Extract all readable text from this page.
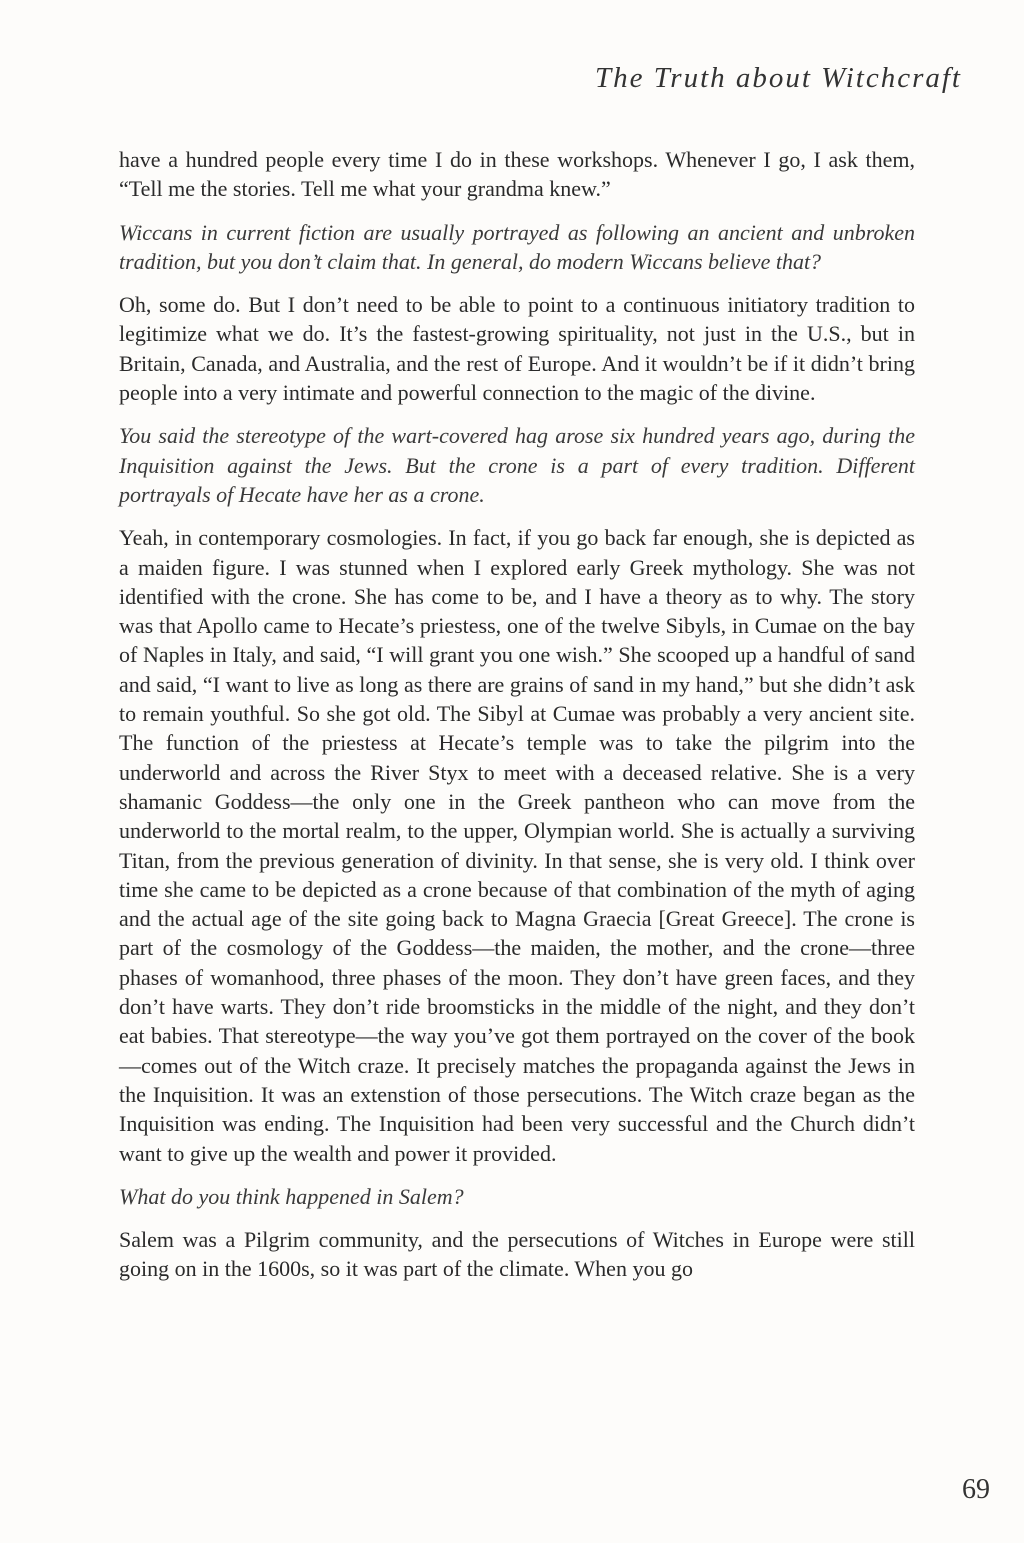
The Truth about Witchcraft

have a hundred people every time I do in these workshops. Whenever I go, I ask them, “Tell me the stories. Tell me what your grandma knew.”

Wiccans in current fiction are usually portrayed as following an ancient and unbroken tradition, but you don’t claim that. In general, do modern Wiccans believe that?

Oh, some do. But I don’t need to be able to point to a continuous initiatory tradition to legitimize what we do. It’s the fastest-growing spirituality, not just in the U.S., but in Britain, Canada, and Australia, and the rest of Europe. And it wouldn’t be if it didn’t bring people into a very intimate and powerful connection to the magic of the divine.

You said the stereotype of the wart-covered hag arose six hundred years ago, during the Inquisition against the Jews. But the crone is a part of every tradition. Different portrayals of Hecate have her as a crone.

Yeah, in contemporary cosmologies. In fact, if you go back far enough, she is depicted as a maiden figure. I was stunned when I explored early Greek mythology. She was not identified with the crone. She has come to be, and I have a theory as to why. The story was that Apollo came to Hecate’s priestess, one of the twelve Sibyls, in Cumae on the bay of Naples in Italy, and said, “I will grant you one wish.” She scooped up a handful of sand and said, “I want to live as long as there are grains of sand in my hand,” but she didn’t ask to remain youthful. So she got old. The Sibyl at Cumae was probably a very ancient site. The function of the priestess at Hecate’s temple was to take the pilgrim into the underworld and across the River Styx to meet with a deceased relative. She is a very shamanic Goddess—the only one in the Greek pantheon who can move from the underworld to the mortal realm, to the upper, Olympian world. She is actually a surviving Titan, from the previous generation of divinity. In that sense, she is very old. I think over time she came to be depicted as a crone because of that combination of the myth of aging and the actual age of the site going back to Magna Graecia [Great Greece]. The crone is part of the cosmology of the Goddess—the maiden, the mother, and the crone—three phases of womanhood, three phases of the moon. They don’t have green faces, and they don’t have warts. They don’t ride broomsticks in the middle of the night, and they don’t eat babies. That stereotype—the way you’ve got them portrayed on the cover of the book—comes out of the Witch craze. It precisely matches the propaganda against the Jews in the Inquisition. It was an extenstion of those persecutions. The Witch craze began as the Inquisition was ending. The Inquisition had been very successful and the Church didn’t want to give up the wealth and power it provided.

What do you think happened in Salem?

Salem was a Pilgrim community, and the persecutions of Witches in Europe were still going on in the 1600s, so it was part of the climate. When you go

69
